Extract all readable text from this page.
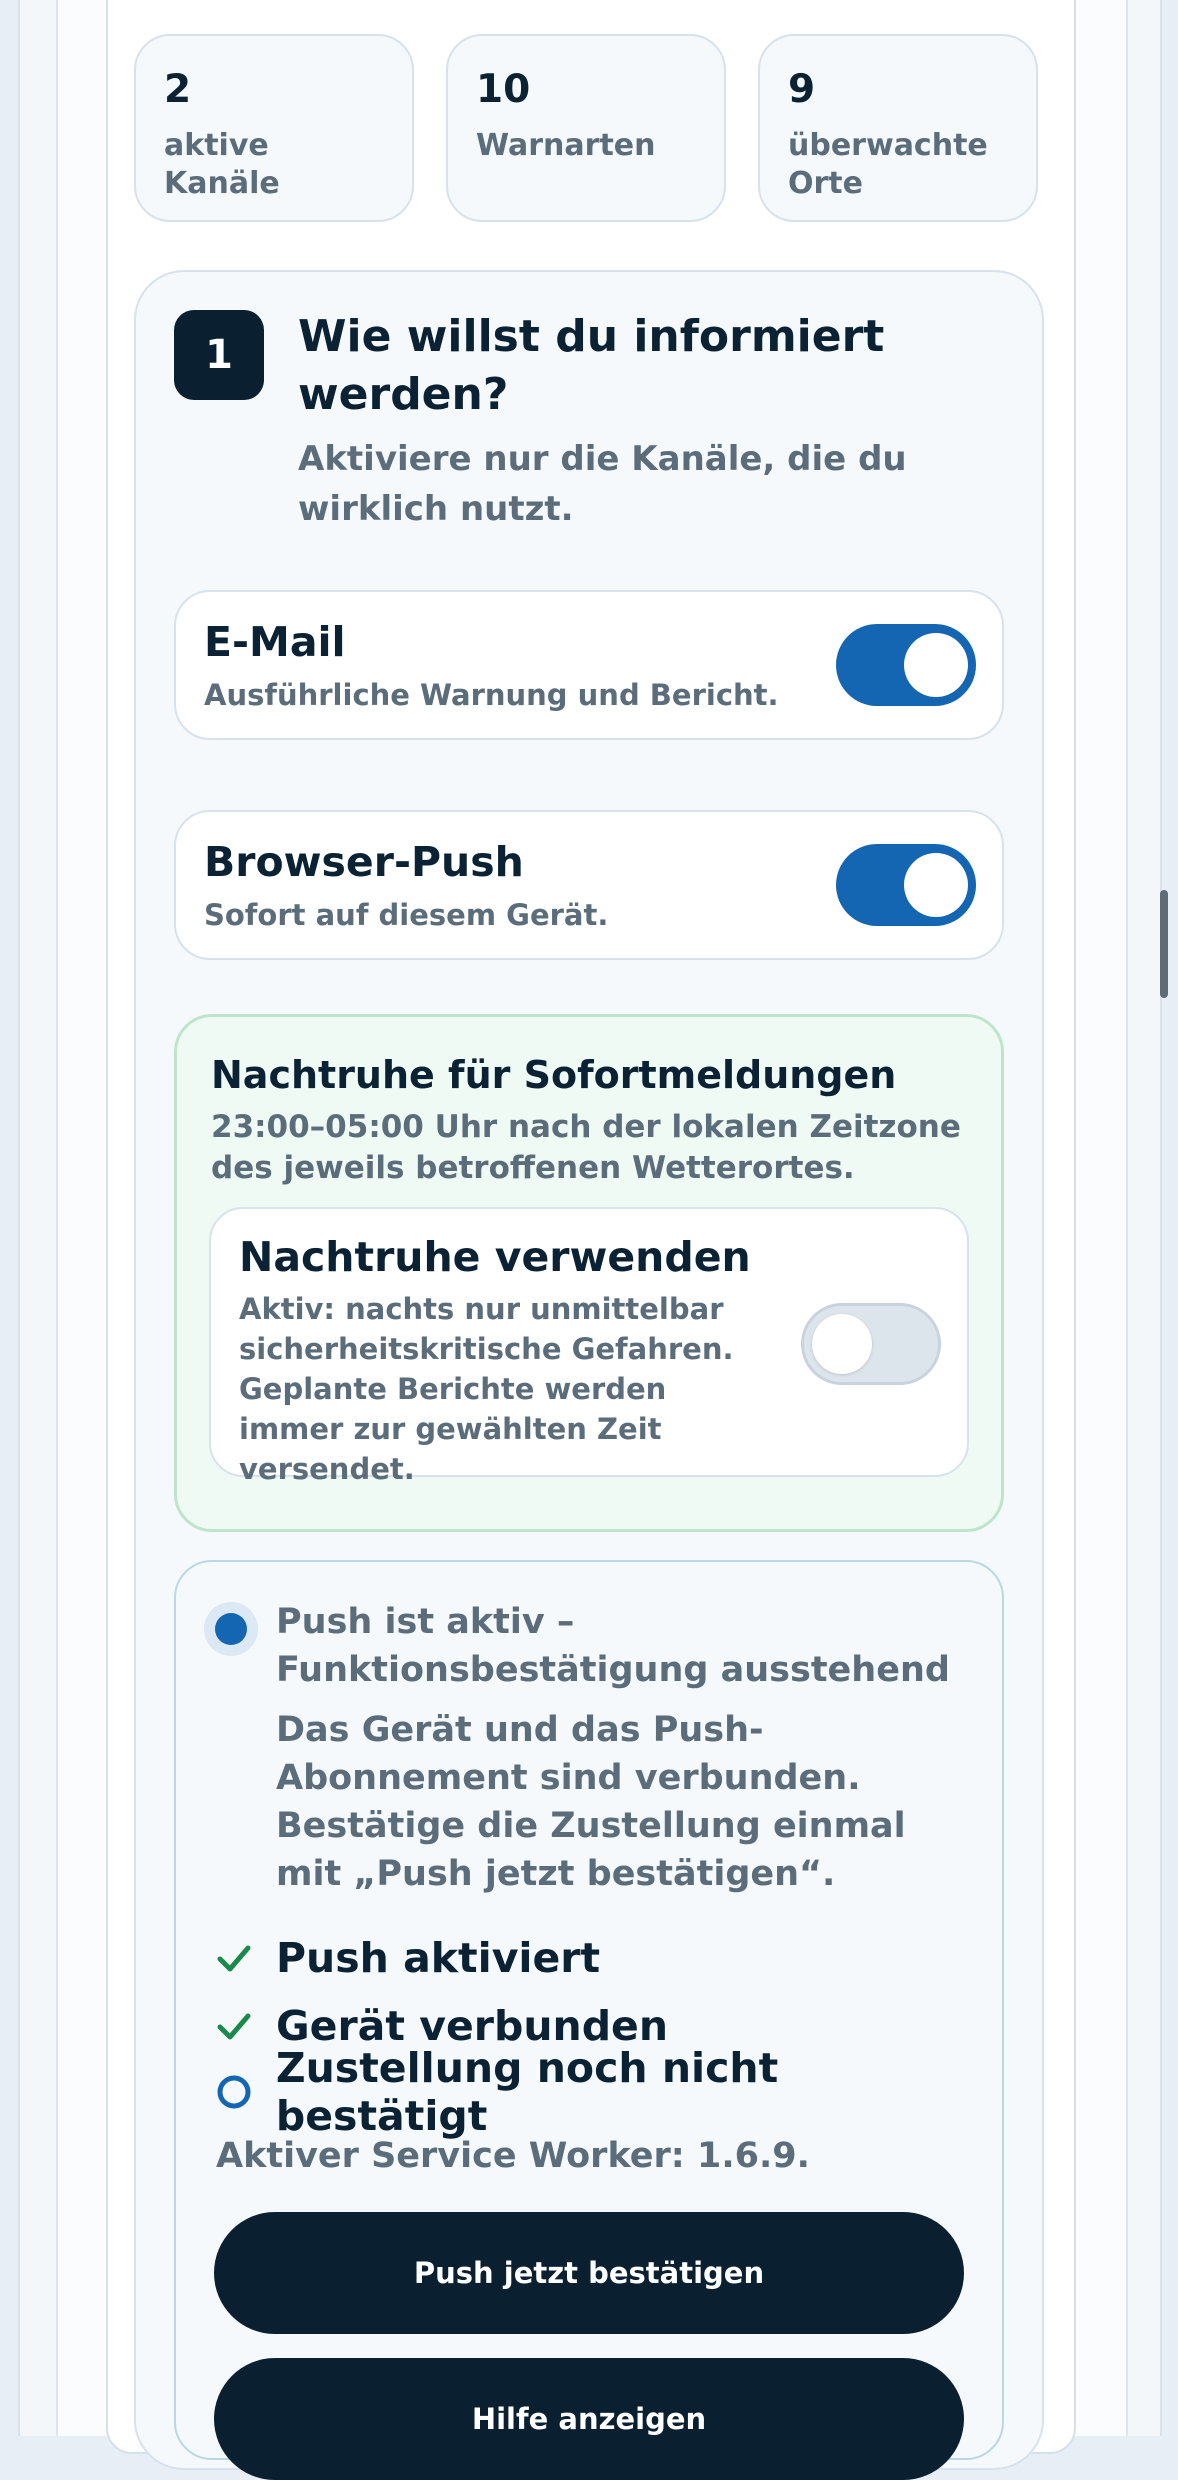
2
aktive Kanäle
10
Warnarten
9
überwachte Orte
1	Wie willst du informiert werden?
Aktiviere nur die Kanäle, die du wirklich nutzt.
E-Mail
Ausführliche Warnung und Bericht.
Browser-Push
Sofort auf diesem Gerät.
Nachtruhe für Sofortmeldungen
23:00–05:00 Uhr nach der lokalen Zeitzone des jeweils betroffenen Wetterortes.
Nachtruhe verwenden
Aktiv: nachts nur unmittelbar sicherheitskritische Gefahren. Geplante Berichte werden immer zur gewählten Zeit versendet.
Push ist aktiv – Funktionsbestätigung ausstehend
Das Gerät und das Push-Abonnement sind verbunden. Bestätige die Zustellung einmal mit „Push jetzt bestätigen“.
Push aktiviert
Gerät verbunden
Zustellung noch nicht bestätigt
Aktiver Service Worker: 1.6.9.
Push jetzt bestätigen
Hilfe anzeigen
